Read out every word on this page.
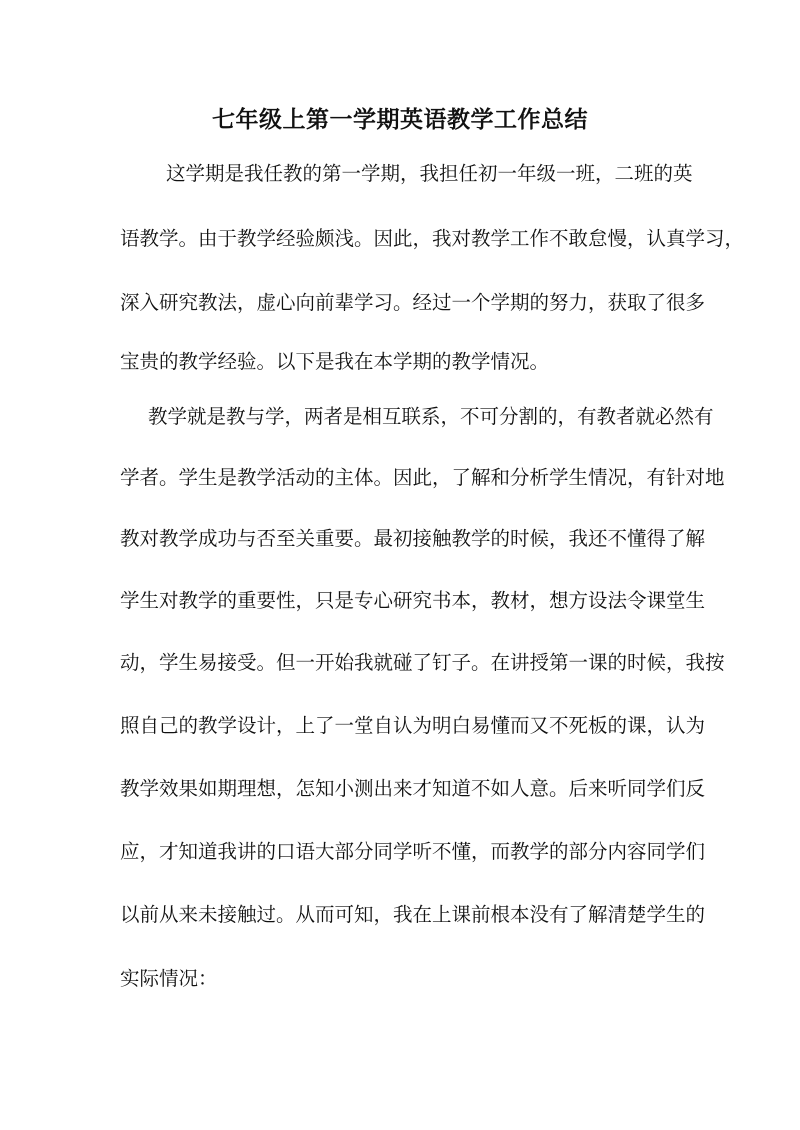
七年级上第一学期英语教学工作总结
这学期是我任教的第一学期，我担任初一年级一班，二班的英
语教学。由于教学经验颇浅。因此，我对教学工作不敢怠慢，认真学习，
深入研究教法，虚心向前辈学习。经过一个学期的努力，获取了很多
宝贵的教学经验。以下是我在本学期的教学情况。
教学就是教与学，两者是相互联系，不可分割的，有教者就必然有
学者。学生是教学活动的主体。因此，了解和分析学生情况，有针对地
教对教学成功与否至关重要。最初接触教学的时候，我还不懂得了解
学生对教学的重要性，只是专心研究书本，教材，想方设法令课堂生
动，学生易接受。但一开始我就碰了钉子。在讲授第一课的时候，我按
照自己的教学设计，上了一堂自认为明白易懂而又不死板的课，认为
教学效果如期理想，怎知小测出来才知道不如人意。后来听同学们反
应，才知道我讲的口语大部分同学听不懂，而教学的部分内容同学们
以前从来未接触过。从而可知，我在上课前根本没有了解清楚学生的
实际情况：
